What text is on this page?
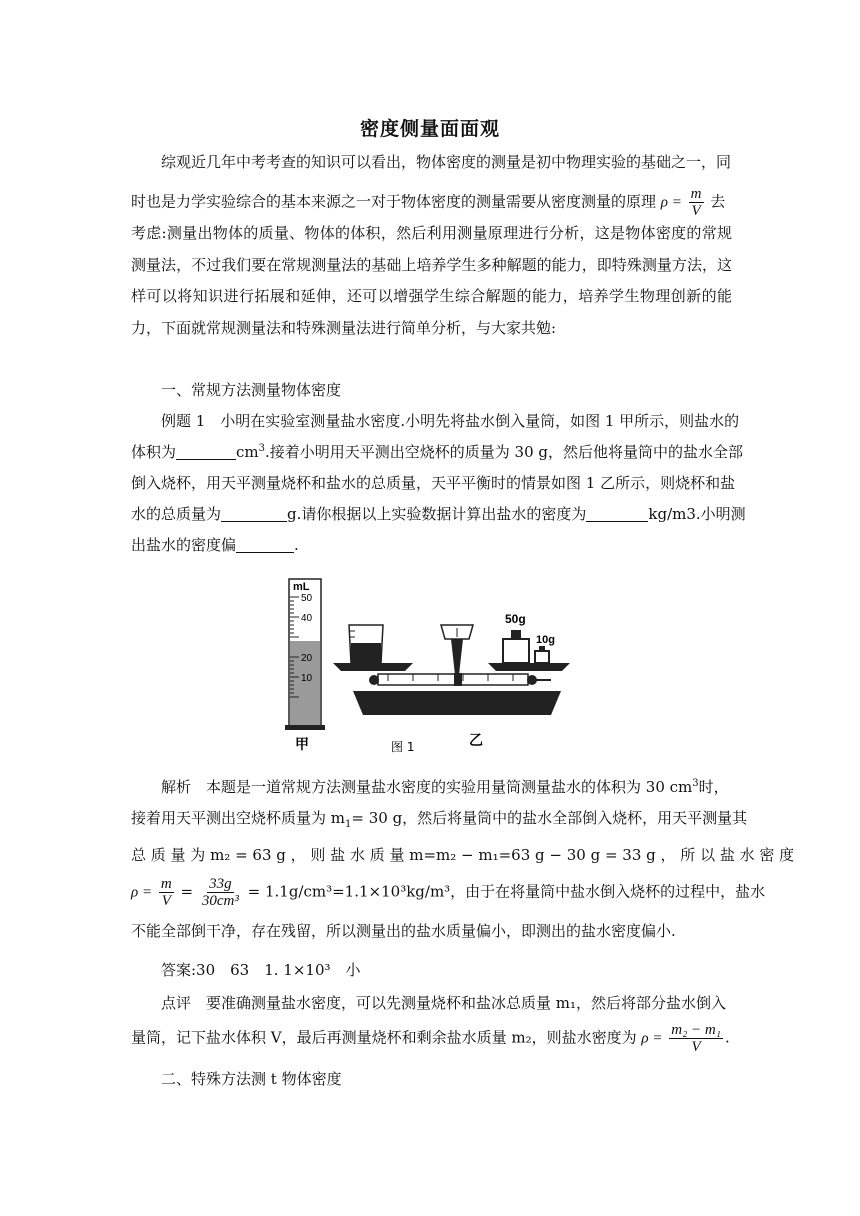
密度侧量面面观
综观近几年中考考查的知识可以看出，物体密度的测量是初中物理实验的基础之一，同
时也是力学实验综合的基本来源之一对于物体密度的测量需要从密度测量的原理 $\rho = \frac{m}{V}$ 去
考虑:测量出物体的质量、物体的体积，然后利用测量原理进行分析，这是物体密度的常规测量法，不过我们要在常规测量法的基础上培养学生多种解题的能力，即特殊测量方法，这样可以将知识进行拓展和延伸，还可以增强学生综合解题的能力，培养学生物理创新的能力，下面就常规测量法和特殊测量法进行简单分析，与大家共勉:
一、常规方法测量物体密度
例题 1　小明在实验室测量盐水密度.小明先将盐水倒入量筒，如图 1 甲所示，则盐水的
体积为	$cm^3$.接着小明用天平测出空烧杯的质量为 30 g，然后他将量筒中的盐水全部
倒入烧杯，用天平测量烧杯和盐水的总质量，天平平衡时的情景如图 1 乙所示，则烧杯和盐
水的总质量为	g.请你根据以上实验数据计算出盐水的密度为	kg/m3.小明测
出盐水的密度偏	.
mL
50
40
30
20
10
甲
50g
10g
乙
图 1
解析　本题是一道常规方法测量盐水密度的实验用量筒测量盐水的体积为 30 $cm^3$时，
接着用天平测出空烧杯质量为 $m_1= 30$ g，然后将量筒中的盐水全部倒入烧杯，用天平测量其
总 质 量 为 m₂ = 63 g ， 则 盐 水 质 量 m=m₂ − m₁=63 g − 30 g = 33 g ， 所 以 盐 水 密 度
$\rho = \frac{m}{V} = \frac{33g}{\text{30cm³}} = 1.1g/cm^3=1.1\times 10^3kg/m^3$，由于在将量筒中盐水倒入烧杯的过程中，盐水
不能全部倒干净，存在残留，所以测量出的盐水质量偏小，即测出的盐水密度偏小.
答案:30　63　1. 1×10³　小
点评　要准确测量盐水密度，可以先测量烧杯和盐冰总质量 m₁，然后将部分盐水倒入
量筒，记下盐水体积 V，最后再测量烧杯和剩余盐水质量 m₂，则盐水密度为 $\rho = \frac{\text{m₂ − m₁}}{V}$ .
二、特殊方法测 t 物体密度
